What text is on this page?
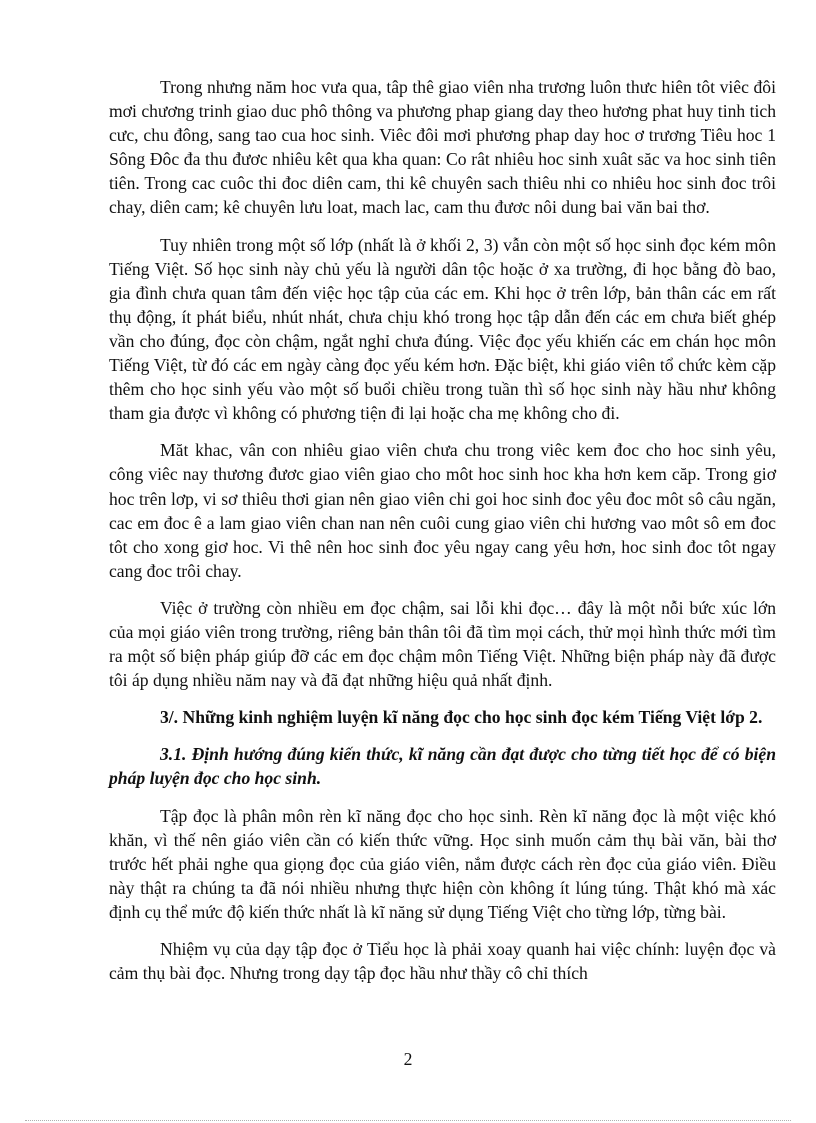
Trong nhưng năm hoc vưa qua, tâp thê giao viên nha trương luôn thưc hiên tôt viêc đôi mơi chương trinh giao duc phô thông va phương phap giang day theo hương phat huy tinh tich cưc, chu đông, sang tao cua hoc sinh. Viêc đôi mơi phương phap day hoc ơ trương Tiêu hoc 1 Sông Đôc đa thu đươc nhiêu kêt qua kha quan: Co rât nhiêu hoc sinh xuât săc va hoc sinh tiên tiên. Trong cac cuôc thi đoc diên cam, thi kê chuyên sach thiêu nhi co nhiêu hoc sinh đoc trôi chay, diên cam; kê chuyên lưu loat, mach lac, cam thu đươc nôi dung bai văn bai thơ.

Tuy nhiên trong một số lớp (nhất là ở khối 2, 3) vẫn còn một số học sinh đọc kém môn Tiếng Việt. Số học sinh này chủ yếu là người dân tộc hoặc ở xa trường, đi học bằng đò bao, gia đình chưa quan tâm đến việc học tập của các em. Khi học ở trên lớp, bản thân các em rất thụ động, ít phát biểu, nhút nhát, chưa chịu khó trong học tập dẫn đến các em chưa biết ghép vần cho đúng, đọc còn chậm, ngắt nghỉ chưa đúng. Việc đọc yếu khiến các em chán học môn Tiếng Việt, từ đó các em ngày càng đọc yếu kém hơn. Đặc biệt, khi giáo viên tổ chức kèm cặp thêm cho học sinh yếu vào một số buổi chiều trong tuần thì số học sinh này hầu như không tham gia được vì không có phương tiện đi lại hoặc cha mẹ không cho đi.

Măt khac, vân con nhiêu giao viên chưa chu trong viêc kem đoc cho hoc sinh yêu, công viêc nay thương đươc giao viên giao cho môt hoc sinh hoc kha hơn kem căp. Trong giơ hoc trên lơp, vi sơ thiêu thơi gian nên giao viên chi goi hoc sinh đoc yêu đoc môt sô câu ngăn, cac em đoc ê a lam giao viên chan nan nên cuôi cung giao viên chi hương vao môt sô em đoc tôt cho xong giơ hoc. Vi thê nên hoc sinh đoc yêu ngay cang yêu hơn, hoc sinh đoc tôt ngay cang đoc trôi chay.

Việc ở trường còn nhiều em đọc chậm, sai lỗi khi đọc… đây là một nỗi bức xúc lớn của mọi giáo viên trong trường, riêng bản thân tôi đã tìm mọi cách, thử mọi hình thức mới tìm ra một số biện pháp giúp đỡ các em đọc chậm môn Tiếng Việt. Những biện pháp này đã được tôi áp dụng nhiều năm nay và đã đạt những hiệu quả nhất định.

3/. Những kinh nghiệm luyện kĩ năng đọc cho học sinh đọc kém Tiếng Việt lớp 2.

3.1. Định hướng đúng kiến thức, kĩ năng cần đạt được cho từng tiết học để có biện pháp luyện đọc cho học sinh.

Tập đọc là phân môn rèn kĩ năng đọc cho học sinh. Rèn kĩ năng đọc là một việc khó khăn, vì thế nên giáo viên cần có kiến thức vững. Học sinh muốn cảm thụ bài văn, bài thơ trước hết phải nghe qua giọng đọc của giáo viên, nắm được cách rèn đọc của giáo viên. Điều này thật ra chúng ta đã nói nhiều nhưng thực hiện còn không ít lúng túng. Thật khó mà xác định cụ thể mức độ kiến thức nhất là kĩ năng sử dụng Tiếng Việt cho từng lớp, từng bài.

Nhiệm vụ của dạy tập đọc ở Tiểu học là phải xoay quanh hai việc chính: luyện đọc và cảm thụ bài đọc. Nhưng trong dạy tập đọc hầu như thầy cô chỉ thích

2
